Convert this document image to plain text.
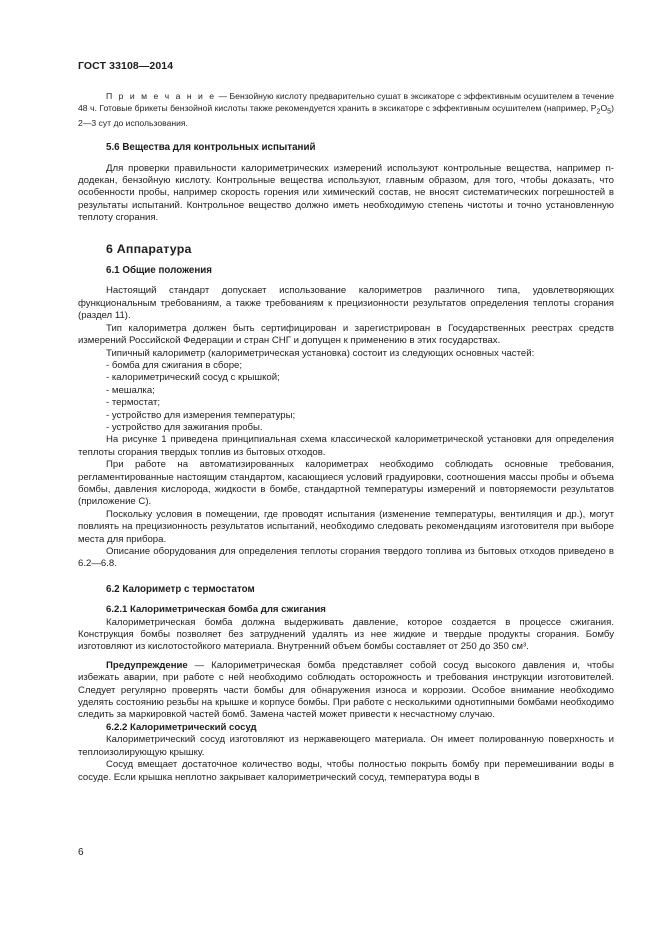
ГОСТ 33108—2014

П р и м е ч а н и е — Бензойную кислоту предварительно сушат в эксикаторе с эффективным осушителем в течение 48 ч. Готовые брикеты бензойной кислоты также рекомендуется хранить в эксикаторе с эффективным осушителем (например, $P_2O_5$) 2—3 сут до использования.

5.6 Вещества для контрольных испытаний

Для проверки правильности калориметрических измерений используют контрольные вещества, например n-додекан, бензойную кислоту. Контрольные вещества используют, главным образом, для того, чтобы доказать, что особенности пробы, например скорость горения или химический состав, не вносят систематических погрешностей в результаты испытаний. Контрольное вещество должно иметь необходимую степень чистоты и точно установленную теплоту сгорания.

6 Аппаратура
6.1 Общие положения

Настоящий стандарт допускает использование калориметров различного типа, удовлетворяющих функциональным требованиям, а также требованиям к прецизионности результатов определения теплоты сгорания (раздел 11).

Тип калориметра должен быть сертифицирован и зарегистрирован в Государственных реестрах средств измерений Российской Федерации и стран СНГ и допущен к применению в этих государствах.

Типичный калориметр (калориметрическая установка) состоит из следующих основных частей:

- бомба для сжигания в сборе;
- калориметрический сосуд с крышкой;
- мешалка;
- термостат;
- устройство для измерения температуры;
- устройство для зажигания пробы.

На рисунке 1 приведена принципиальная схема классической калориметрической установки для определения теплоты сгорания твердых топлив из бытовых отходов.

При работе на автоматизированных калориметрах необходимо соблюдать основные требования, регламентированные настоящим стандартом, касающиеся условий градуировки, соотношения массы пробы и объема бомбы, давления кислорода, жидкости в бомбе, стандартной температуры измерений и повторяемости результатов (приложение С).

Поскольку условия в помещении, где проводят испытания (изменение температуры, вентиляция и др.), могут повлиять на прецизионность результатов испытаний, необходимо следовать рекомендациям изготовителя при выборе места для прибора.

Описание оборудования для определения теплоты сгорания твердого топлива из бытовых отходов приведено в 6.2—6.8.

6.2 Калориметр с термостатом
6.2.1 Калориметрическая бомба для сжигания

Калориметрическая бомба должна выдерживать давление, которое создается в процессе сжигания. Конструкция бомбы позволяет без затруднений удалять из нее жидкие и твердые продукты сгорания. Бомбу изготовляют из кислотостойкого материала. Внутренний объем бомбы составляет от 250 до 350 см³.

Предупреждение — Калориметрическая бомба представляет собой сосуд высокого давления и, чтобы избежать аварии, при работе с ней необходимо соблюдать осторожность и требования инструкции изготовителей. Следует регулярно проверять части бомбы для обнаружения износа и коррозии. Особое внимание необходимо уделять состоянию резьбы на крышке и корпусе бомбы. При работе с несколькими однотипными бомбами необходимо следить за маркировкой частей бомб. Замена частей может привести к несчастному случаю.

6.2.2 Калориметрический сосуд

Калориметрический сосуд изготовляют из нержавеющего материала. Он имеет полированную поверхность и теплоизолирующую крышку.

Сосуд вмещает достаточное количество воды, чтобы полностью покрыть бомбу при перемешивании воды в сосуде. Если крышка неплотно закрывает калориметрический сосуд, температура воды в

6
